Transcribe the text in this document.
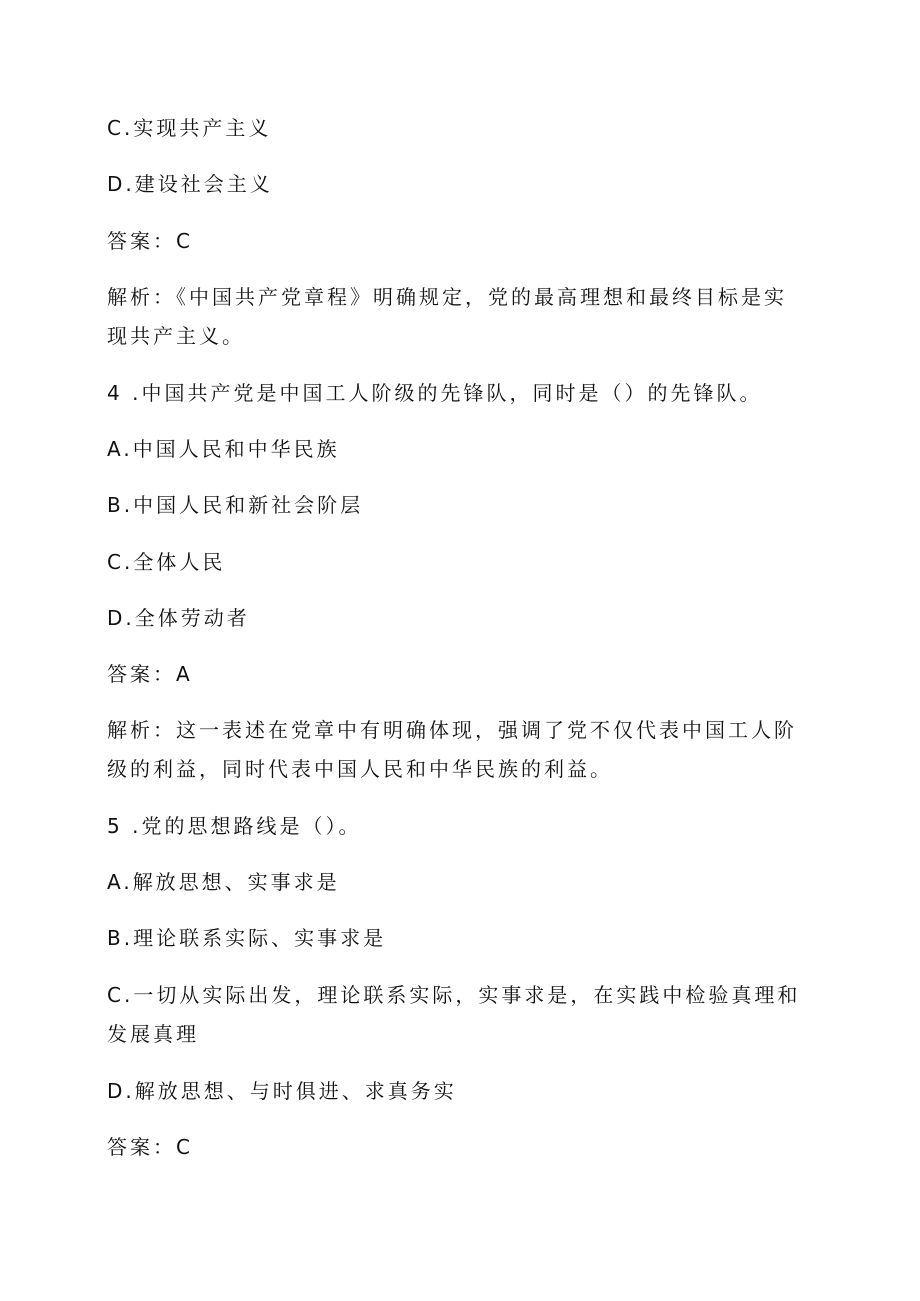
C.实现共产主义
D.建设社会主义
答案：C
解析：《中国共产党章程》明确规定，党的最高理想和最终目标是实现共产主义。
4 .中国共产党是中国工人阶级的先锋队，同时是（）的先锋队。
A.中国人民和中华民族
B.中国人民和新社会阶层
C.全体人民
D.全体劳动者
答案：A
解析：这一表述在党章中有明确体现，强调了党不仅代表中国工人阶级的利益，同时代表中国人民和中华民族的利益。
5 .党的思想路线是（）。
A.解放思想、实事求是
B.理论联系实际、实事求是
C.一切从实际出发，理论联系实际，实事求是，在实践中检验真理和发展真理
D.解放思想、与时俱进、求真务实
答案：C
